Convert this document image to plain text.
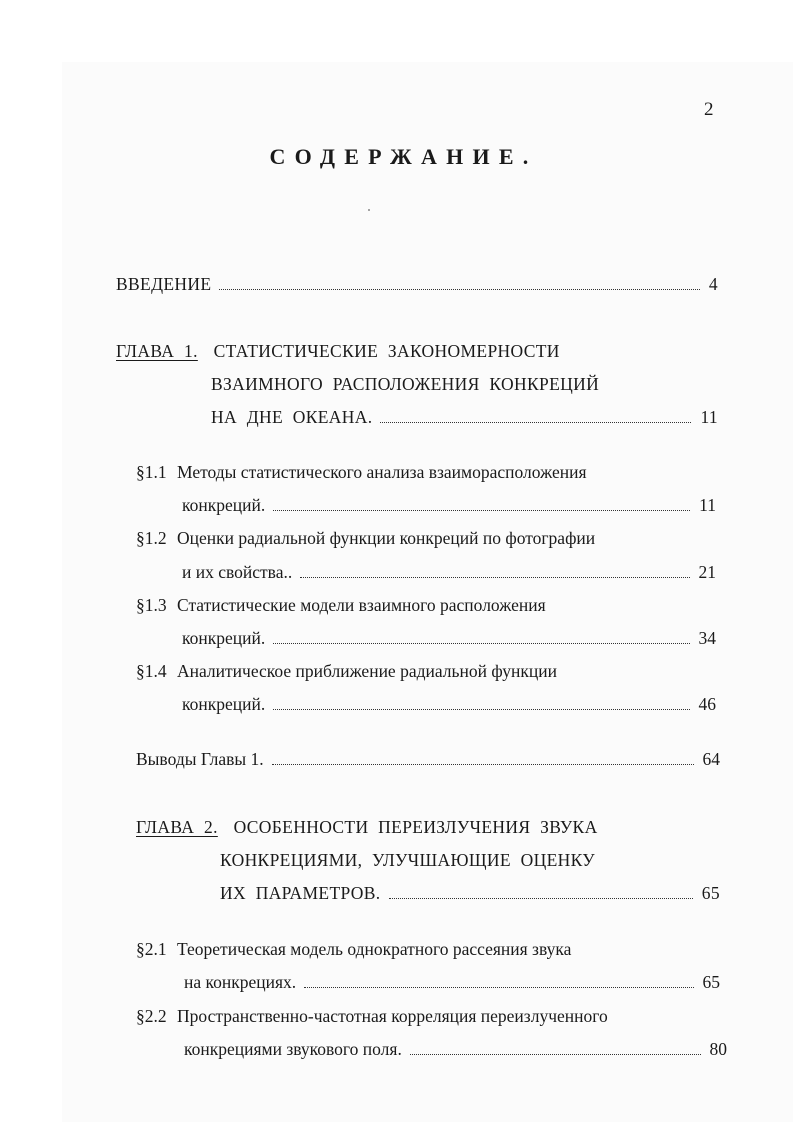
2
СОДЕРЖАНИЕ.
ВВЕДЕНИЕ	4
ГЛАВА 1. СТАТИСТИЧЕСКИЕ ЗАКОНОМЕРНОСТИ
ВЗАИМНОГО РАСПОЛОЖЕНИЯ КОНКРЕЦИЙ
НА ДНЕ ОКЕАНА.	11
§1.1 Методы статистического анализа взаиморасположения
конкреций.	11
§1.2 Оценки радиальной функции конкреций по фотографии
и их свойства..	21
§1.3 Статистические модели взаимного расположения
конкреций.	34
§1.4 Аналитическое приближение радиальной функции
конкреций.	46
Выводы Главы 1.	64
ГЛАВА 2. ОСОБЕННОСТИ ПЕРЕИЗЛУЧЕНИЯ ЗВУКА
КОНКРЕЦИЯМИ, УЛУЧШАЮЩИЕ ОЦЕНКУ
ИХ ПАРАМЕТРОВ.	65
§2.1 Теоретическая модель однократного рассеяния звука
на конкрециях.	65
§2.2 Пространственно-частотная корреляция переизлученного
конкрециями звукового поля.	80
